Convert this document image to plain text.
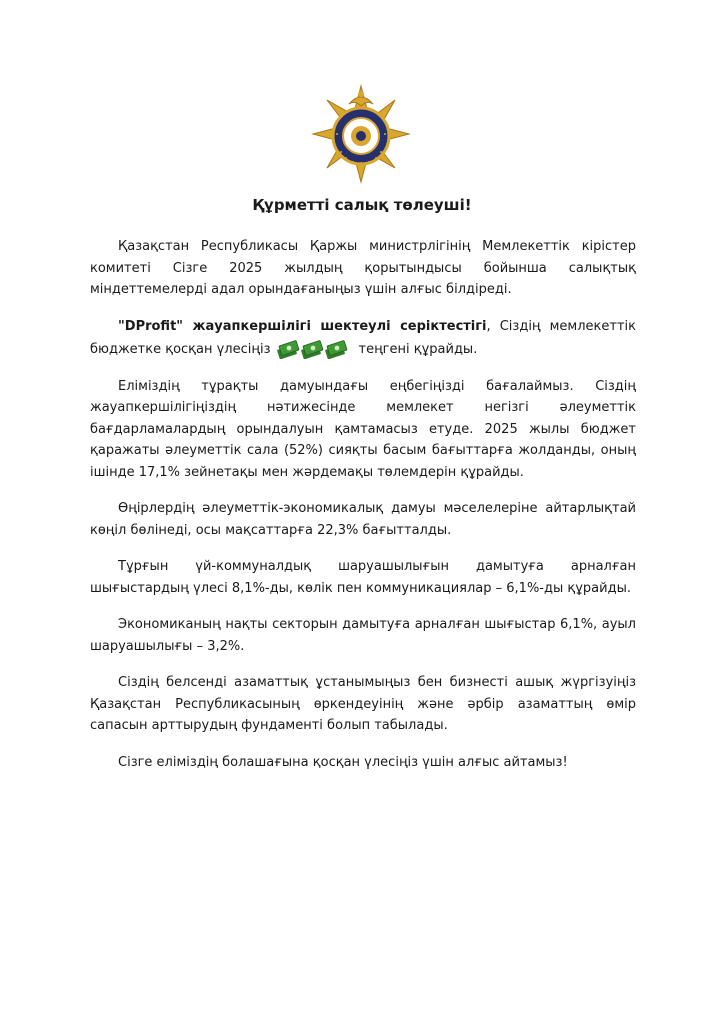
Құрметті салық төлеуші!

Қазақстан Республикасы Қаржы министрлігінің Мемлекеттік кірістер комитеті Сізге 2025 жылдың қорытындысы бойынша салықтық міндеттемелерді адал орындағаныңыз үшін алғыс білдіреді.

"DProfit" жауапкершілігі шектеулі серіктестігі, Сіздің мемлекеттік бюджетке қосқан үлесіңіз	теңгені құрайды.

Еліміздің тұрақты дамуындағы еңбегіңізді бағалаймыз. Сіздің жауапкершілігіңіздің нәтижесінде мемлекет негізгі әлеуметтік бағдарламалардың орындалуын қамтамасыз етуде. 2025 жылы бюджет қаражаты әлеуметтік сала (52%) сияқты басым бағыттарға жолданды, оның ішінде 17,1% зейнетақы мен жәрдемақы төлемдерін құрайды.

Өңірлердің әлеуметтік-экономикалық дамуы мәселелеріне айтарлықтай көңіл бөлінеді, осы мақсаттарға 22,3% бағытталды.

Тұрғын үй-коммуналдық шаруашылығын дамытуға арналған шығыстардың үлесі 8,1%-ды, көлік пен коммуникациялар – 6,1%-ды құрайды.

Экономиканың нақты секторын дамытуға арналған шығыстар 6,1%, ауыл шаруашылығы – 3,2%.

Сіздің белсенді азаматтық ұстанымыңыз бен бизнесті ашық жүргізуіңіз Қазақстан Республикасының өркендеуінің және әрбір азаматтың өмір сапасын арттырудың фундаменті болып табылады.

Сізге еліміздің болашағына қосқан үлесіңіз үшін алғыс айтамыз!
